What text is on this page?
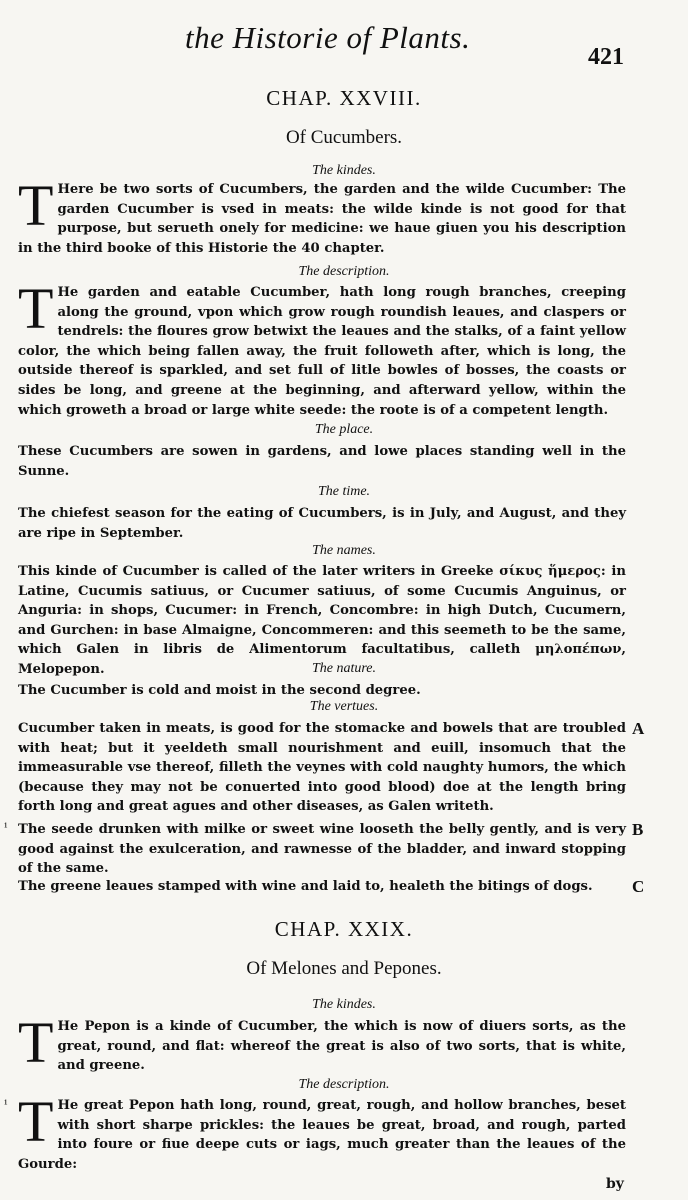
the Historie of Plants.
421
CHAP. XXVIII.
Of Cucumbers.
The kindes.
T Here be two sorts of Cucumbers, the garden and the wilde Cucumber: The garden Cucumber is vsed in meats: the wilde kinde is not good for that purpose, but serueth onely for medicine: we haue giuen you his description in the third booke of this Historie the 40 chapter.
The description.
T He garden and eatable Cucumber, hath long rough branches, creeping along the ground, vpon which grow rough roundish leaues, and claspers or tendrels: the floures grow betwixt the leaues and the stalks, of a faint yellow color, the which being fallen away, the fruit followeth after, which is long, the outside thereof is sparkled, and set full of litle bowles of bosses, the coasts or sides be long, and greene at the beginning, and afterward yellow, within the which groweth a broad or large white seede: the roote is of a competent length.
The place.
These Cucumbers are sowen in gardens, and lowe places standing well in the Sunne.
The time.
The chiefest season for the eating of Cucumbers, is in July, and August, and they are ripe in September.
The names.
This kinde of Cucumber is called of the later writers in Greeke σίκυς ἥμερος: in Latine, Cucumis satiuus, or Cucumer satiuus, of some Cucumis Anguinus, or Anguria: in shops, Cucumer: in French, Concombre: in high Dutch, Cucumern, and Gurchen: in base Almaigne, Concommeren: and this seemeth to be the same, which Galen in libris de Alimentorum facultatibus, calleth μηλοπέπων, Melopepon.	The nature.
The Cucumber is cold and moist in the second degree.
The vertues.
Cucumber taken in meats, is good for the stomacke and bowels that are troubled with heat; but it yeeldeth small nourishment and euill, insomuch that the immeasurable vse thereof, filleth the veynes with cold naughty humors, the which (because they may not be conuerted into good blood) doe at the length bring forth long and great agues and other diseases, as Galen writeth.
A
¹ The seede drunken with milke or sweet wine looseth the belly gently, and is very good against the exulceration, and rawnesse of the bladder, and inward stopping of the same.
B
The greene leaues stamped with wine and laid to, healeth the bitings of dogs.	C
CHAP. XXIX.
Of Melones and Pepones.
The kindes.
T He Pepon is a kinde of Cucumber, the which is now of diuers sorts, as the great, round, and flat: whereof the great is also of two sorts, that is white, and greene.
The description.
¹ T He great Pepon hath long, round, great, rough, and hollow branches, beset with short sharpe prickles: the leaues be great, broad, and rough, parted into foure or fiue deepe cuts or iags, much greater than the leaues of the Gourde:
by
